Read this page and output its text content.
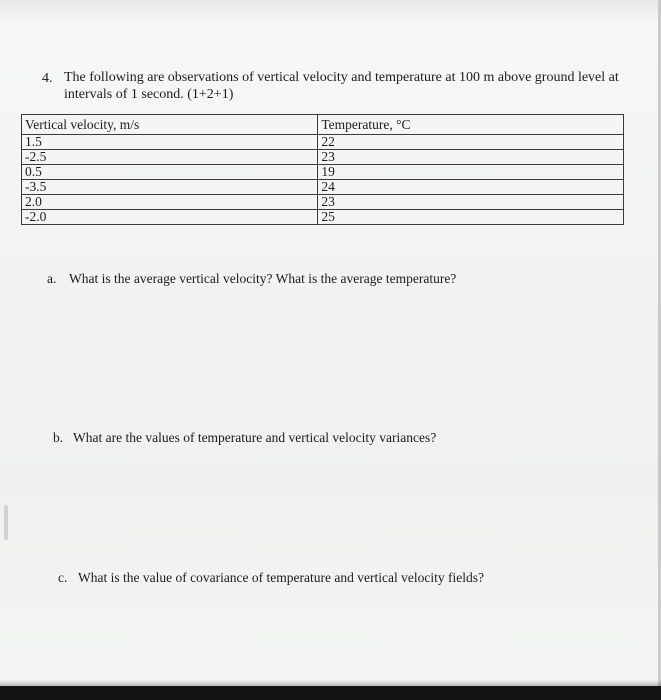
4. The following are observations of vertical velocity and temperature at 100 m above ground level at intervals of 1 second. (1+2+1)
Vertical velocity, m/s	Temperature, °C
1.5	22
-2.5	23
0.5	19
-3.5	24
2.0	23
-2.0	25
a. What is the average vertical velocity? What is the average temperature?
b. What are the values of temperature and vertical velocity variances?
c. What is the value of covariance of temperature and vertical velocity fields?
